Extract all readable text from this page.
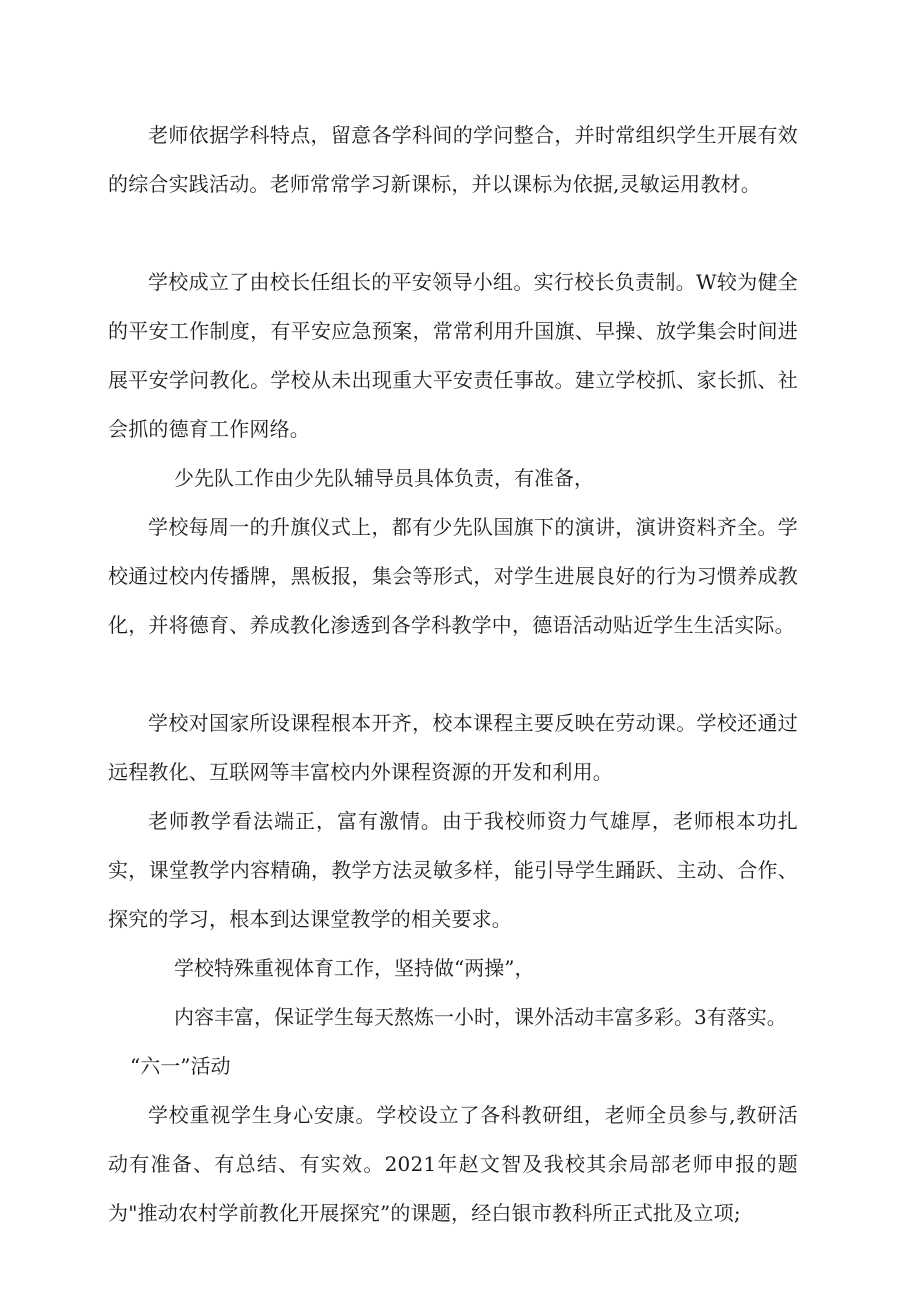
老师依据学科特点，留意各学科间的学问整合，并时常组织学生开展有效的综合实践活动。老师常常学习新课标，并以课标为依据,灵敏运用教材。

学校成立了由校长任组长的平安领导小组。实行校长负责制。W较为健全的平安工作制度，有平安应急预案，常常利用升国旗、早操、放学集会时间进展平安学问教化。学校从未出现重大平安责任事故。建立学校抓、家长抓、社会抓的德育工作网络。

少先队工作由少先队辅导员具体负责，有准备，

学校每周一的升旗仪式上，都有少先队国旗下的演讲，演讲资料齐全。学校通过校内传播牌，黑板报，集会等形式，对学生进展良好的行为习惯养成教化，并将德育、养成教化渗透到各学科教学中，德语活动贴近学生生活实际。

学校对国家所设课程根本开齐，校本课程主要反映在劳动课。学校还通过远程教化、互联网等丰富校内外课程资源的开发和利用。

老师教学看法端正，富有激情。由于我校师资力气雄厚，老师根本功扎实，课堂教学内容精确，教学方法灵敏多样，能引导学生踊跃、主动、合作、探究的学习，根本到达课堂教学的相关要求。

学校特殊重视体育工作，坚持做“两操”，

内容丰富，保证学生每天熬炼一小时，课外活动丰富多彩。3有落实。

“六一”活动

学校重视学生身心安康。学校设立了各科教研组，老师全员参与,教研活动有准备、有总结、有实效。2021年赵文智及我校其余局部老师申报的题为"推动农村学前教化开展探究”的课题，经白银市教科所正式批及立项;
